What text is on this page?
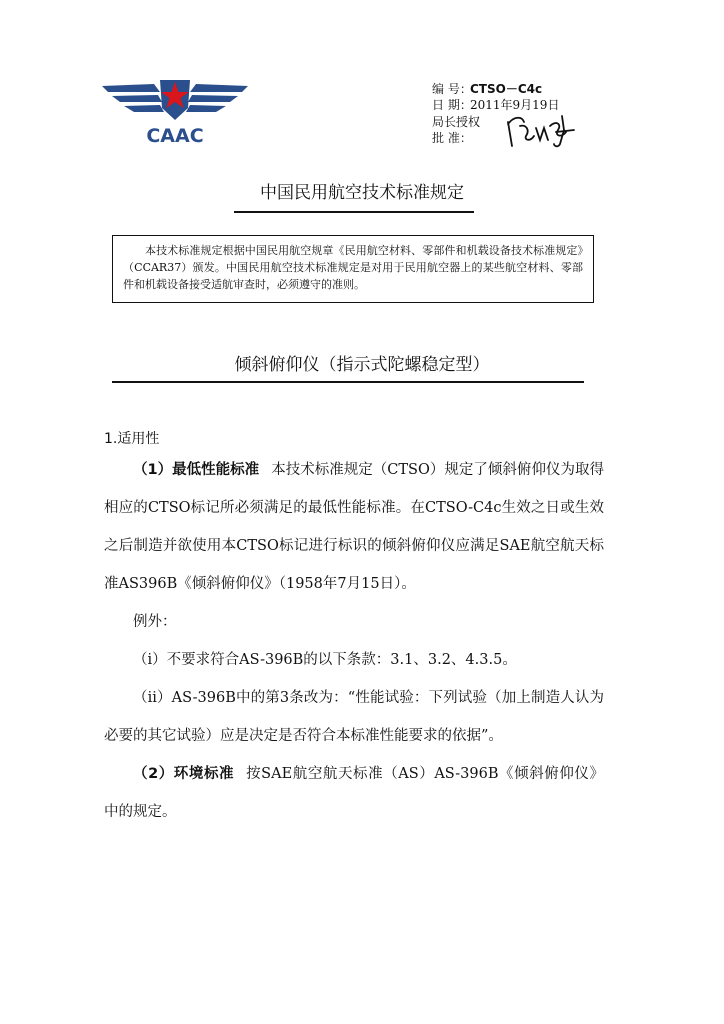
CAAC
编 号：CTSO－C4c
日 期：2011年9月19日
局长授权
批 准：
中国民用航空技术标准规定

本技术标准规定根据中国民用航空规章《民用航空材料、零部件和机载设备技术标准规定》（CCAR37）颁发。中国民用航空技术标准规定是对用于民用航空器上的某些航空材料、零部件和机载设备接受适航审查时，必须遵守的准则。

倾斜俯仰仪（指示式陀螺稳定型）
1.适用性

（1）最低性能标准 本技术标准规定（CTSO）规定了倾斜俯仰仪为取得相应的CTSO标记所必须满足的最低性能标准。在CTSO-C4c生效之日或生效之后制造并欲使用本CTSO标记进行标识的倾斜俯仰仪应满足SAE航空航天标准AS396B《倾斜俯仰仪》（1958年7月15日）。

例外：

（i）不要求符合AS-396B的以下条款：3.1、3.2、4.3.5。

（ii）AS-396B中的第3条改为：“性能试验：下列试验（加上制造人认为必要的其它试验）应是决定是否符合本标准性能要求的依据”。

（2）环境标准 按SAE航空航天标准（AS）AS-396B《倾斜俯仰仪》中的规定。
